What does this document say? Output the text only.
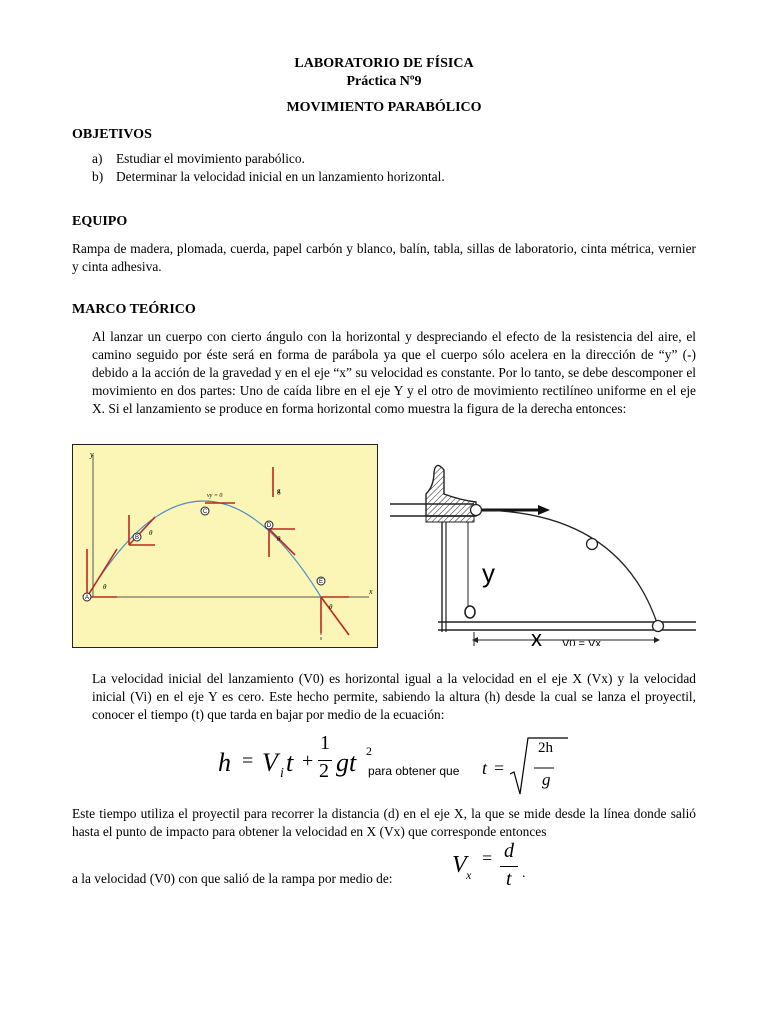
LABORATORIO DE FÍSICA
Práctica Nº9
MOVIMIENTO PARABÓLICO
OBJETIVOS
a) Estudiar el movimiento parabólico.
b) Determinar la velocidad inicial en un lanzamiento horizontal.
EQUIPO
Rampa de madera, plomada, cuerda, papel carbón y blanco, balín, tabla, sillas de laboratorio, cinta métrica, vernier y cinta adhesiva.
MARCO TEÓRICO
Al lanzar un cuerpo con cierto ángulo con la horizontal y despreciando el efecto de la resistencia del aire, el camino seguido por éste será en forma de parábola ya que el cuerpo sólo acelera en la dirección de “y” (-) debido a la acción de la gravedad y en el eje “x” su velocidad es constante. Por lo tanto, se debe descomponer el movimiento en dos partes: Uno de caída libre en el eje Y y el otro de movimiento rectilíneo uniforme en el eje X. Si el lanzamiento se produce en forma horizontal como muestra la figura de la derecha entonces:
x
y
A
B
C
D
E
vy = 0
g
θ
θ
θ
θ
y
x V0 = Vx
La velocidad inicial del lanzamiento (V0) es horizontal igual a la velocidad en el eje X (Vx) y la velocidad inicial (Vi) en el eje Y es cero. Este hecho permite, sabiendo la altura (h) desde la cual se lanza el proyectil, conocer el tiempo (t) que tarda en bajar por medio de la ecuación:
h = V i t +
1
2 gt 2
para obtener que t =
2h
g
Este tiempo utiliza el proyectil para recorrer la distancia (d) en el eje X, la que se mide desde la línea donde salió hasta el punto de impacto para obtener la velocidad en X (Vx) que corresponde entonces
a la velocidad (V0) con que salió de la rampa por medio de:
V x
= d
t .
